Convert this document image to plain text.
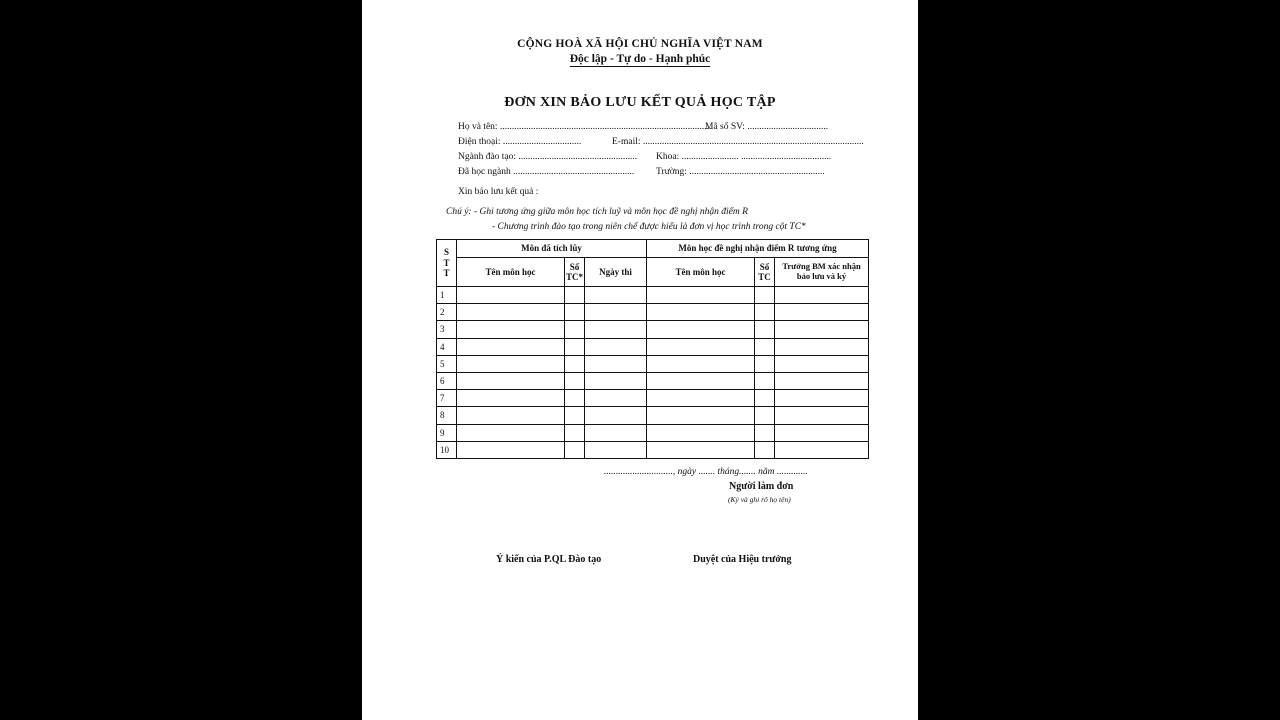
CỘNG HOÀ XÃ HỘI CHỦ NGHĨA VIỆT NAM
Độc lập - Tự do - Hạnh phúc
ĐƠN XIN BẢO LƯU KẾT QUẢ HỌC TẬP
Họ và tên: .........................................................................................
Mã số SV: ..................................
Điện thoại: .................................	E-mail: .............................................................................................
Ngành đào tạo: .................................................. Khoa: ........................ ......................................
Đã học ngành ................................................... Trường: .........................................................
Xin bảo lưu kết quả :
Chú ý: - Ghi tương ứng giữa môn học tích luỹ và môn học đề nghị nhận điểm R
- Chương trình đào tạo trong niên chế được hiểu là đơn vị học trình trong cột TC*
S T T	Môn đã tích lũy			Môn học đề nghị nhận điểm R tương ứng		
	Tên môn học	Số TC*	Ngày thi	Tên môn học	Số TC	Trưởng BM xác nhận bảo lưu và ký
1						
2						
3						
4						
5						
6						
7						
8						
9						
10						
............................., ngày ....... tháng....... năm .............
Người làm đơn
(Ký và ghi rõ họ tên)
Ý kiến của P.QL Đào tạo	Duyệt của Hiệu trưởng
